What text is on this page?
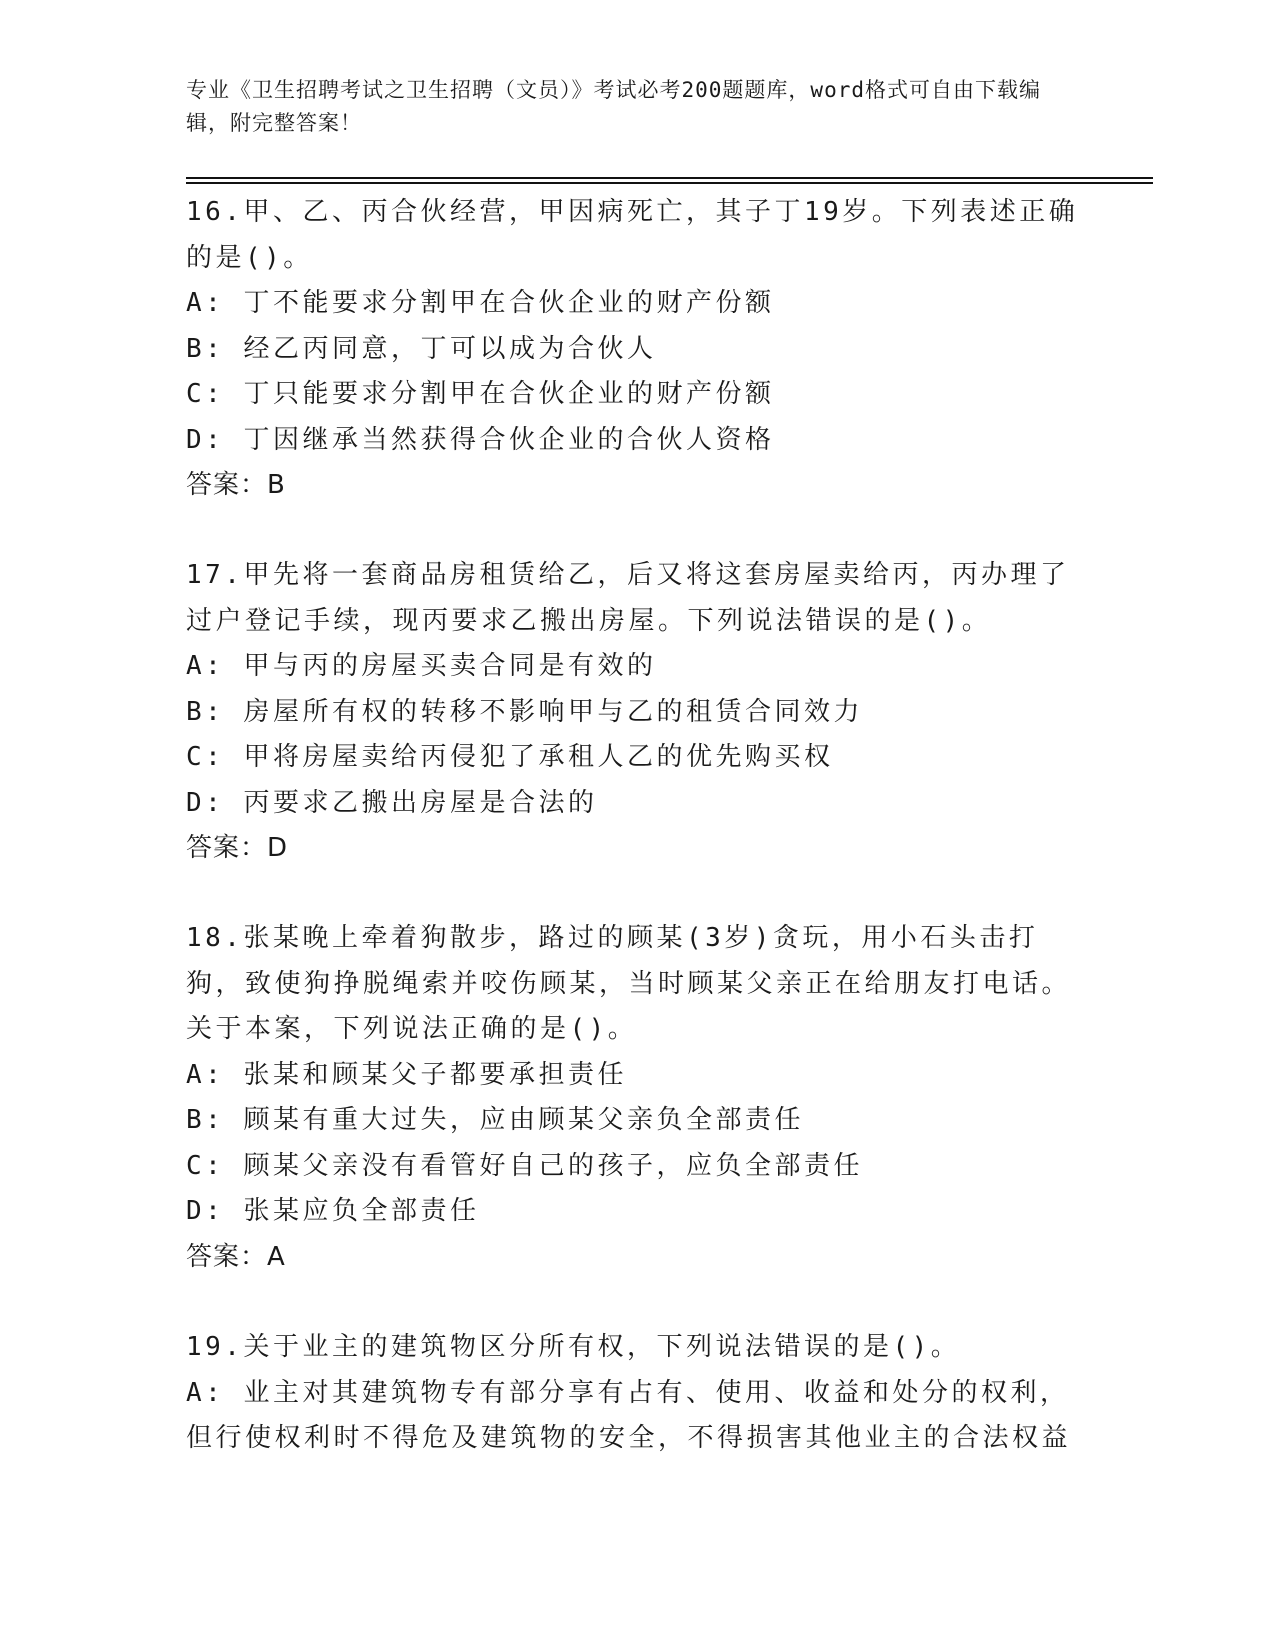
专业《卫生招聘考试之卫生招聘（文员）》考试必考200题题库，word格式可自由下载编辑，附完整答案！

16.甲、乙、丙合伙经营，甲因病死亡，其子丁19岁。下列表述正确的是()。

A: 丁不能要求分割甲在合伙企业的财产份额

B: 经乙丙同意，丁可以成为合伙人

C: 丁只能要求分割甲在合伙企业的财产份额

D: 丁因继承当然获得合伙企业的合伙人资格

答案：B

17.甲先将一套商品房租赁给乙，后又将这套房屋卖给丙，丙办理了过户登记手续，现丙要求乙搬出房屋。下列说法错误的是()。

A: 甲与丙的房屋买卖合同是有效的

B: 房屋所有权的转移不影响甲与乙的租赁合同效力

C: 甲将房屋卖给丙侵犯了承租人乙的优先购买权

D: 丙要求乙搬出房屋是合法的

答案：D

18.张某晚上牵着狗散步，路过的顾某(3岁)贪玩，用小石头击打狗，致使狗挣脱绳索并咬伤顾某，当时顾某父亲正在给朋友打电话。关于本案，下列说法正确的是()。

A: 张某和顾某父子都要承担责任

B: 顾某有重大过失，应由顾某父亲负全部责任

C: 顾某父亲没有看管好自己的孩子，应负全部责任

D: 张某应负全部责任

答案：A

19.关于业主的建筑物区分所有权，下列说法错误的是()。

A: 业主对其建筑物专有部分享有占有、使用、收益和处分的权利，但行使权利时不得危及建筑物的安全，不得损害其他业主的合法权益
